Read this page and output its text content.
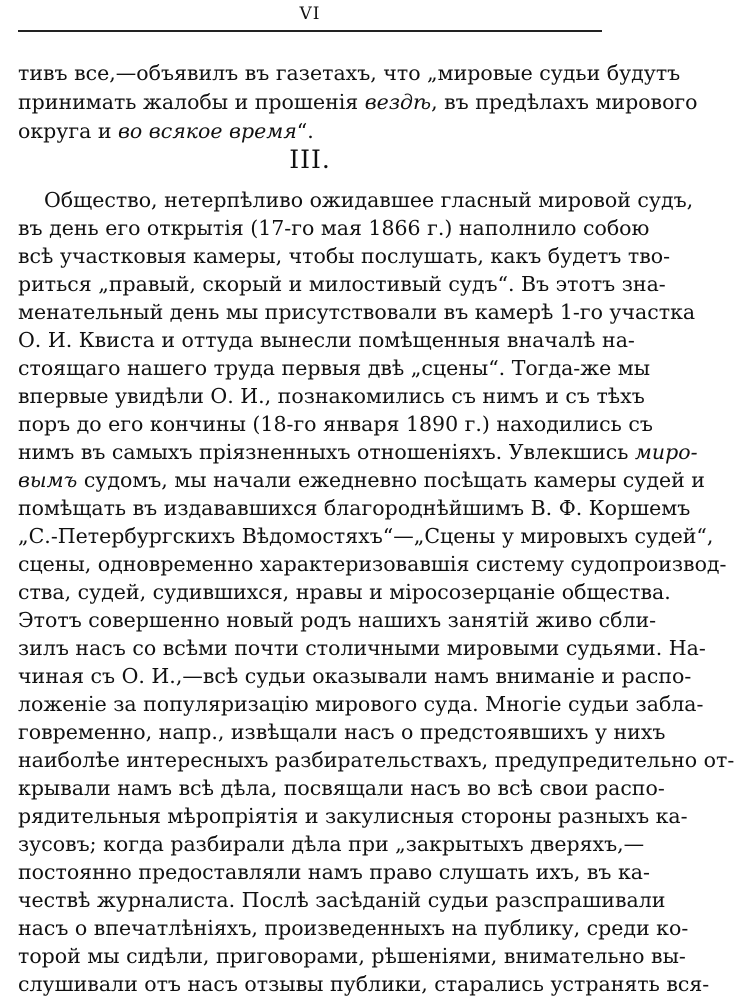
VI
тивъ все,—объявилъ въ газетахъ, что „мировые судьи будутъ
принимать жалобы и прошенія вездѣ, въ предѣлахъ мирового
округа и во всякое время“.
III.
Общество, нетерпѣливо ожидавшее гласный мировой судъ,
въ день его открытія (17-го мая 1866 г.) наполнило собою
всѣ участковыя камеры, чтобы послушать, какъ будетъ тво-
риться „правый, скорый и милостивый судъ“. Въ этотъ зна-
менательный день мы присутствовали въ камерѣ 1-го участка
О. И. Квиста и оттуда вынесли помѣщенныя вначалѣ на-
стоящаго нашего труда первыя двѣ „сцены“. Тогда-же мы
впервые увидѣли О. И., познакомились съ нимъ и съ тѣхъ
поръ до его кончины (18-го января 1890 г.) находились съ
нимъ въ самыхъ пріязненныхъ отношеніяхъ. Увлекшись миро-
вымъ судомъ, мы начали ежедневно посѣщать камеры судей и
помѣщать въ издававшихся благороднѣйшимъ В. Ф. Коршемъ
„С.-Петербургскихъ Вѣдомостяхъ“—„Сцены у мировыхъ судей“,
сцены, одновременно характеризовавшія систему судопроизвод-
ства, судей, судившихся, нравы и міросозерцаніе общества.
Этотъ совершенно новый родъ нашихъ занятій живо сбли-
зилъ насъ со всѣми почти столичными мировыми судьями. На-
чиная съ О. И.,—всѣ судьи оказывали намъ вниманіе и распо-
ложеніе за популяризацію мирового суда. Многіе судьи забла-
говременно, напр., извѣщали насъ о предстоявшихъ у нихъ
наиболѣе интересныхъ разбирательствахъ, предупредительно от-
крывали намъ всѣ дѣла, посвящали насъ во всѣ свои распо-
рядительныя мѣропріятія и закулисныя стороны разныхъ ка-
зусовъ; когда разбирали дѣла при „закрытыхъ дверяхъ,—
постоянно предоставляли намъ право слушать ихъ, въ ка-
чествѣ журналиста. Послѣ засѣданій судьи разспрашивали
насъ о впечатлѣніяхъ, произведенныхъ на публику, среди ко-
торой мы сидѣли, приговорами, рѣшеніями, внимательно вы-
слушивали отъ насъ отзывы публики, старались устранять вся-
